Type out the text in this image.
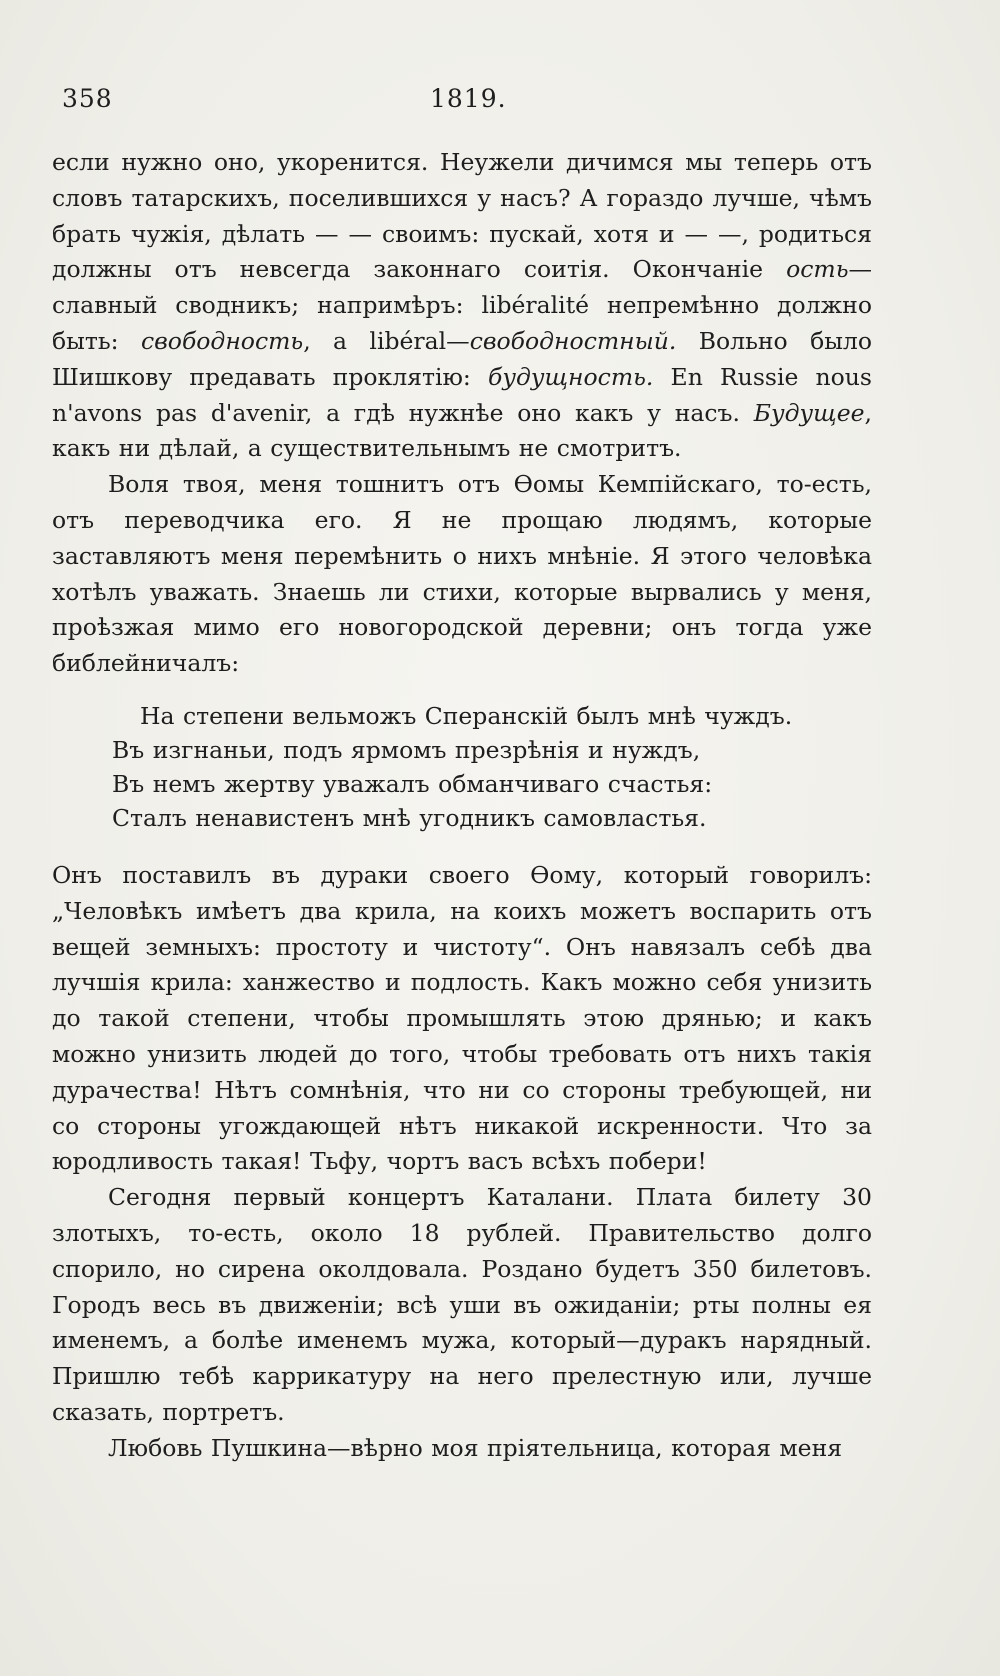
358	1819.

если нужно оно, укоренится. Неужели дичимся мы теперь отъ словъ татарскихъ, поселившихся у насъ? А гораздо лучше, чѣмъ брать чужія, дѣлать — — своимъ: пускай, хотя и — —, родиться должны отъ невсегда законнаго соитія. Окончаніе ость— славный сводникъ; напримѣръ: libéralité непремѣнно должно быть: свободность, а libéral—свободностный. Вольно было Шишкову предавать проклятію: будущность. En Russie nous n'avons pas d'avenir, а гдѣ нужнѣе оно какъ у насъ. Будущее, какъ ни дѣлай, а существительнымъ не смотритъ.

Воля твоя, меня тошнитъ отъ Ѳомы Кемпійскаго, то-есть, отъ переводчика его. Я не прощаю людямъ, которые заставляютъ меня перемѣнить о нихъ мнѣніе. Я этого человѣка хотѣлъ уважать. Знаешь ли стихи, которые вырвались у меня, проѣзжая мимо его новогородской деревни; онъ тогда уже библейничалъ:

На степени вельможъ Сперанскій былъ мнѣ чуждъ.
Въ изгнаньи, подъ ярмомъ презрѣнія и нуждъ,
Въ немъ жертву уважалъ обманчиваго счастья:
Сталъ ненавистенъ мнѣ угодникъ самовластья.

Онъ поставилъ въ дураки своего Ѳому, который говорилъ: „Человѣкъ имѣетъ два крила, на коихъ можетъ воспарить отъ вещей земныхъ: простоту и чистоту“. Онъ навязалъ себѣ два лучшія крила: ханжество и подлость. Какъ можно себя унизить до такой степени, чтобы промышлять этою дрянью; и какъ можно унизить людей до того, чтобы требовать отъ нихъ такія дурачества! Нѣтъ сомнѣнія, что ни со стороны требующей, ни со стороны угождающей нѣтъ никакой искренности. Что за юродливость такая! Тьфу, чортъ васъ всѣхъ побери!

Сегодня первый концертъ Каталани. Плата билету 30 злотыхъ, то-есть, около 18 рублей. Правительство долго спорило, но сирена околдовала. Роздано будетъ 350 билетовъ. Городъ весь въ движеніи; всѣ уши въ ожиданіи; рты полны ея именемъ, а болѣе именемъ мужа, который—дуракъ нарядный. Пришлю тебѣ каррикатуру на него прелестную или, лучше сказать, портретъ.

Любовь Пушкина—вѣрно моя пріятельница, которая меня
